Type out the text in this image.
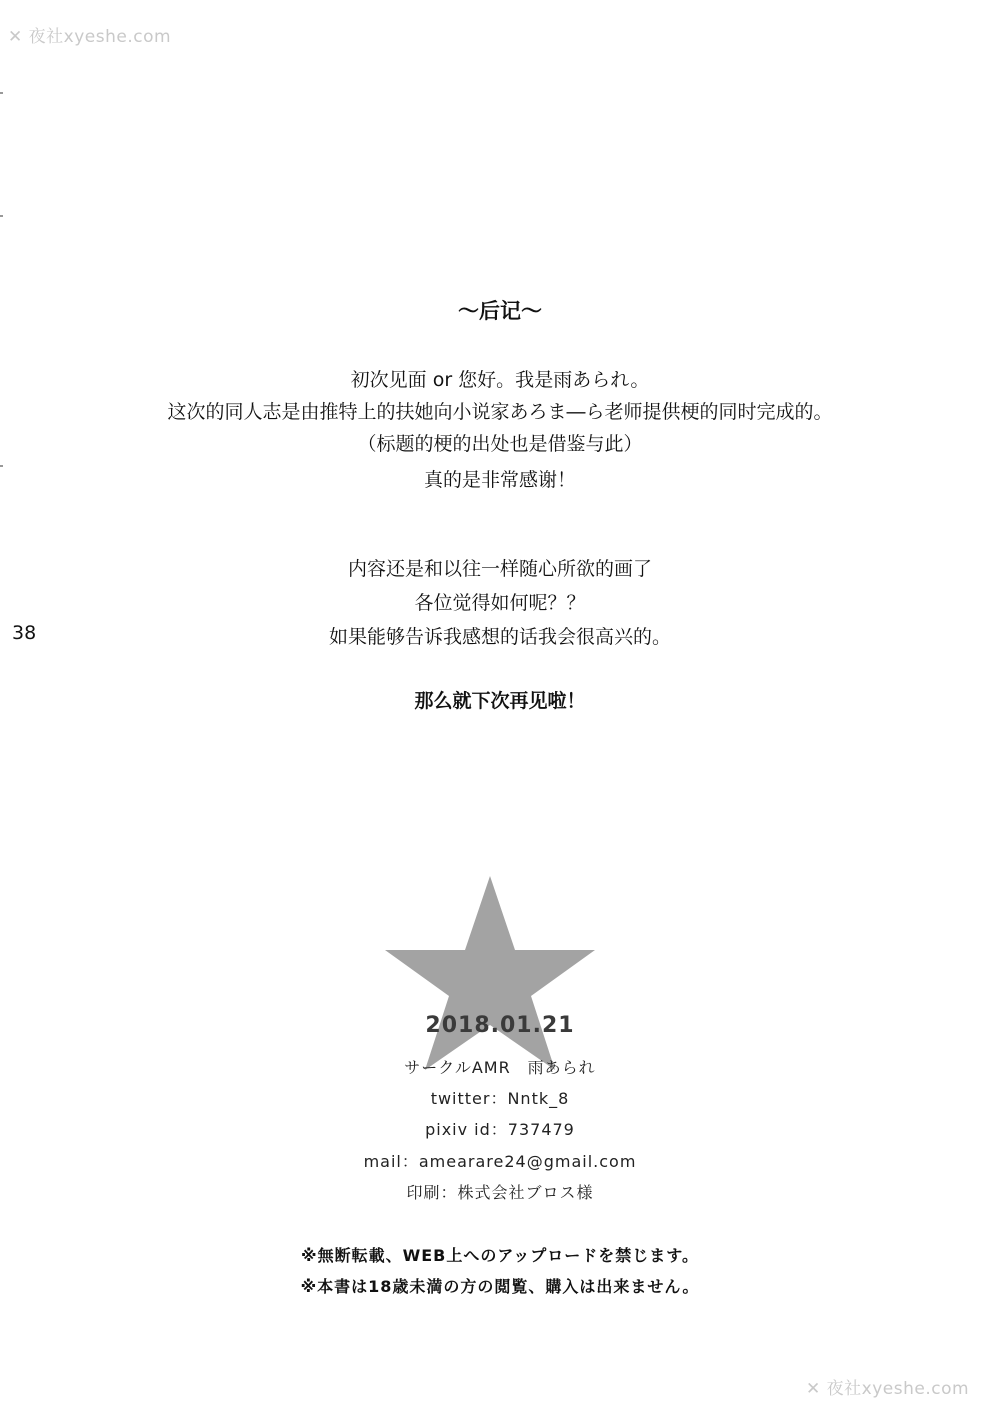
✕ 夜社xyeshe.com
38
～后记～
初次见面 or 您好。我是雨あられ。
这次的同人志是由推特上的扶她向小说家あろま―ら老师提供梗的同时完成的。
（标题的梗的出处也是借鉴与此）
真的是非常感谢！
内容还是和以往一样随心所欲的画了
各位觉得如何呢？？
如果能够告诉我感想的话我会很高兴的。
那么就下次再见啦！
2018.01.21
サークルAMR　雨あられ
twitter：Nntk_8
pixiv id：737479
mail：amearare24@gmail.com
印刷：株式会社ブロス様
※無断転載、WEB上へのアップロードを禁じます。
※本書は18歳未満の方の閲覧、購入は出来ません。
✕ 夜社xyeshe.com
